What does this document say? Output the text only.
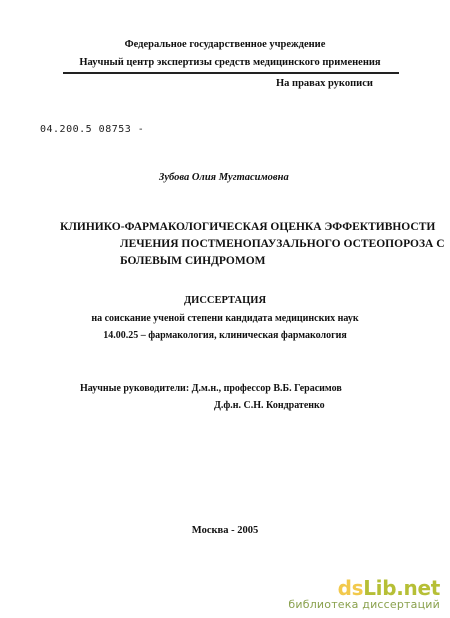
Федеральное государственное учреждение
Научный центр экспертизы средств медицинского применения
На правах рукописи
04.200.5 08753 -
Зубова Олия Мугтасимовна
КЛИНИКО-ФАРМАКОЛОГИЧЕСКАЯ ОЦЕНКА ЭФФЕКТИВНОСТИ
ЛЕЧЕНИЯ ПОСТМЕНОПАУЗАЛЬНОГО ОСТЕОПОРОЗА С
БОЛЕВЫМ СИНДРОМОМ
ДИССЕРТАЦИЯ
на соискание ученой степени кандидата медицинских наук
14.00.25 – фармакология, клиническая фармакология
Научные руководители: Д.м.н., профессор В.Б. Герасимов
Д.ф.н. С.Н. Кондратенко
Москва - 2005
dsLib.net
библиотека диссертаций
